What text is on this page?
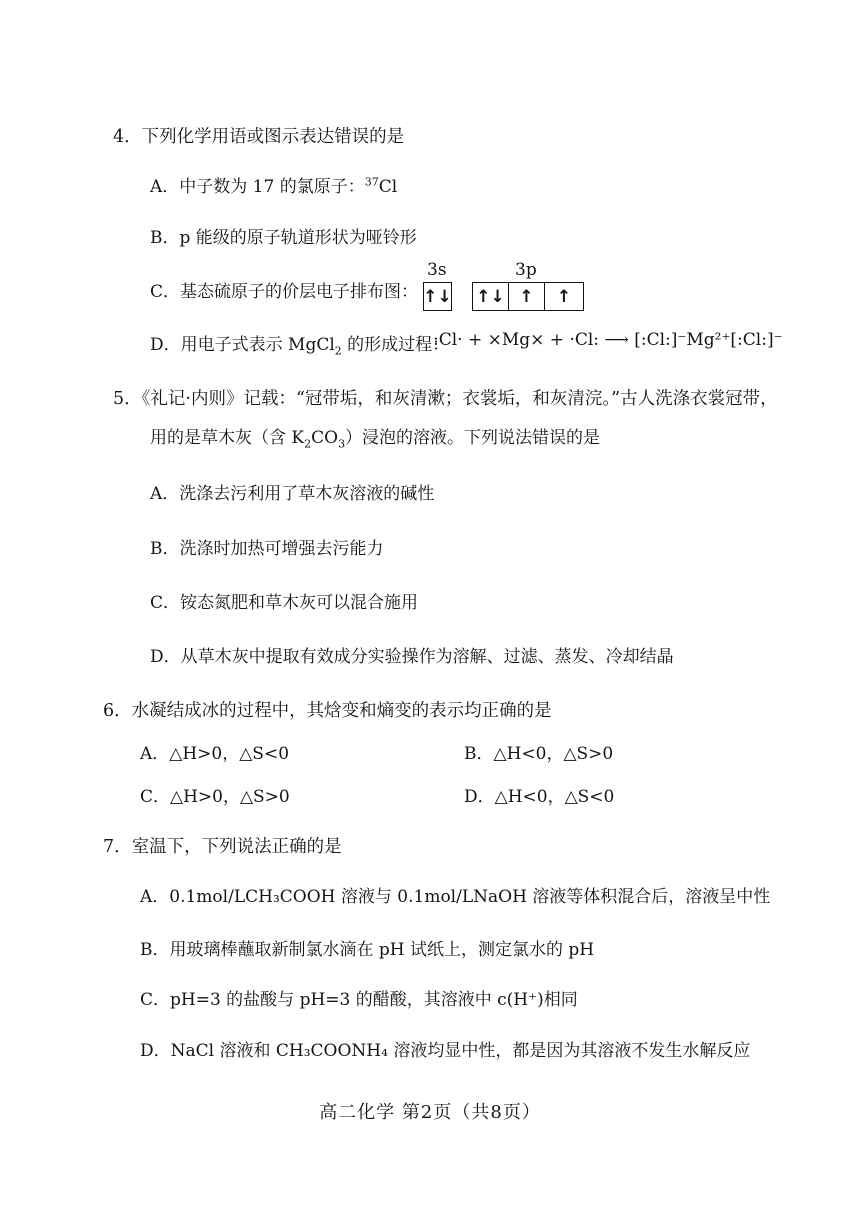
4．下列化学用语或图示表达错误的是
A．中子数为 17 的氯原子：$^{37}$Cl
B．p 能级的原子轨道形状为哑铃形
C．基态硫原子的价层电子排布图：
3s	3p
↑↓ ↑↓ ↑	↑
D．用电子式表示 MgCl$_2$ 的形成过程：
:Cl· + ×Mg× + ·Cl: ⟶ [:Cl:]⁻Mg²⁺[:Cl:]⁻
5．《礼记·内则》记载：“冠带垢，和灰清漱；衣裳垢，和灰清浣。”古人洗涤衣裳冠带，
用的是草木灰（含 $K_2CO_3$）浸泡的溶液。下列说法错误的是
A．洗涤去污利用了草木灰溶液的碱性
B．洗涤时加热可增强去污能力
C．铵态氮肥和草木灰可以混合施用
D．从草木灰中提取有效成分实验操作为溶解、过滤、蒸发、冷却结晶
6．水凝结成冰的过程中，其焓变和熵变的表示均正确的是
A．△H>0，△S<0	B．△H<0，△S>0
C．△H>0，△S>0	D．△H<0，△S<0
7．室温下，下列说法正确的是
A．0.1mol/LCH₃COOH 溶液与 0.1mol/LNaOH 溶液等体积混合后，溶液呈中性
B．用玻璃棒蘸取新制氯水滴在 pH 试纸上，测定氯水的 pH
C．pH=3 的盐酸与 pH=3 的醋酸，其溶液中 c(H⁺)相同
D．NaCl 溶液和 CH₃COONH₄ 溶液均显中性，都是因为其溶液不发生水解反应
高二化学 第2页（共8页）
